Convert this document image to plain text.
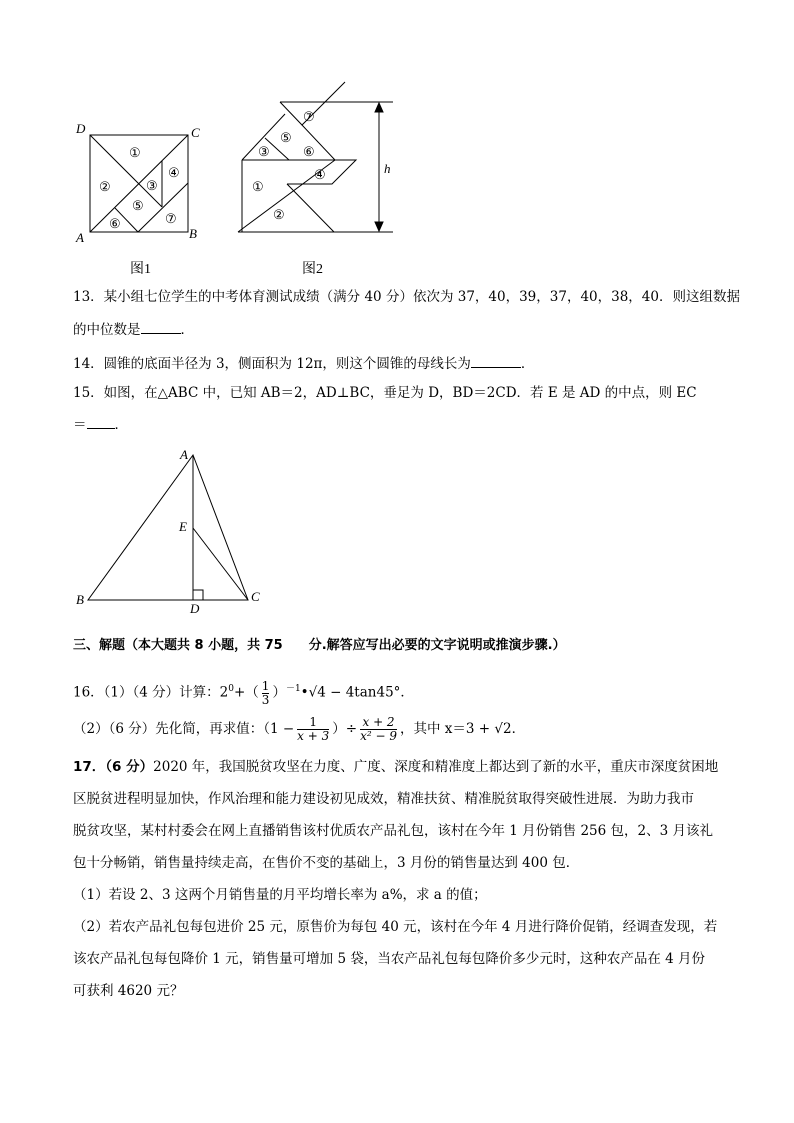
D	C
A	B
①
②	③
④
⑤
⑥	⑦
图1
⑦
⑤
③	⑥
④
①
②
h
图2
A
B	C
D
E
13．某小组七位学生的中考体育测试成绩（满分 40 分）依次为 37，40，39，37，40，38，40．则这组数据
的中位数是	．
14．圆锥的底面半径为 3，侧面积为 12π，则这个圆锥的母线长为	．
15．如图，在△ABC 中，已知 AB＝2，AD⊥BC，垂足为 D，BD＝2CD．若 E 是 AD 的中点，则 EC
＝ ．
三、解题（本大题共 8 小题，共 75　　分.解答应写出必要的文字说明或推演步骤.）
16．（1）（4 分）计算：$2^0+( \frac{1}{3}$ ）$^{-1}•√4 - 4\tan 45^\circ$．
（2）（6 分）先化简，再求值：（$1 - \frac{1}{x + 3}$ ）÷ $\frac{x + 2}{\text{x² − 9}}$ ，其中 x＝3 + √2．
17．（6 分）2020 年，我国脱贫攻坚在力度、广度、深度和精准度上都达到了新的水平，重庆市深度贫困地
区脱贫进程明显加快，作风治理和能力建设初见成效，精准扶贫、精准脱贫取得突破性进展．为助力我市
脱贫攻坚，某村村委会在网上直播销售该村优质农产品礼包，该村在今年 1 月份销售 256 包，2、3 月该礼
包十分畅销，销售量持续走高，在售价不变的基础上，3 月份的销售量达到 400 包．
（1）若设 2、3 这两个月销售量的月平均增长率为 a%，求 a 的值；
（2）若农产品礼包每包进价 25 元，原售价为每包 40 元，该村在今年 4 月进行降价促销，经调查发现，若
该农产品礼包每包降价 1 元，销售量可增加 5 袋，当农产品礼包每包降价多少元时，这种农产品在 4 月份
可获利 4620 元？
